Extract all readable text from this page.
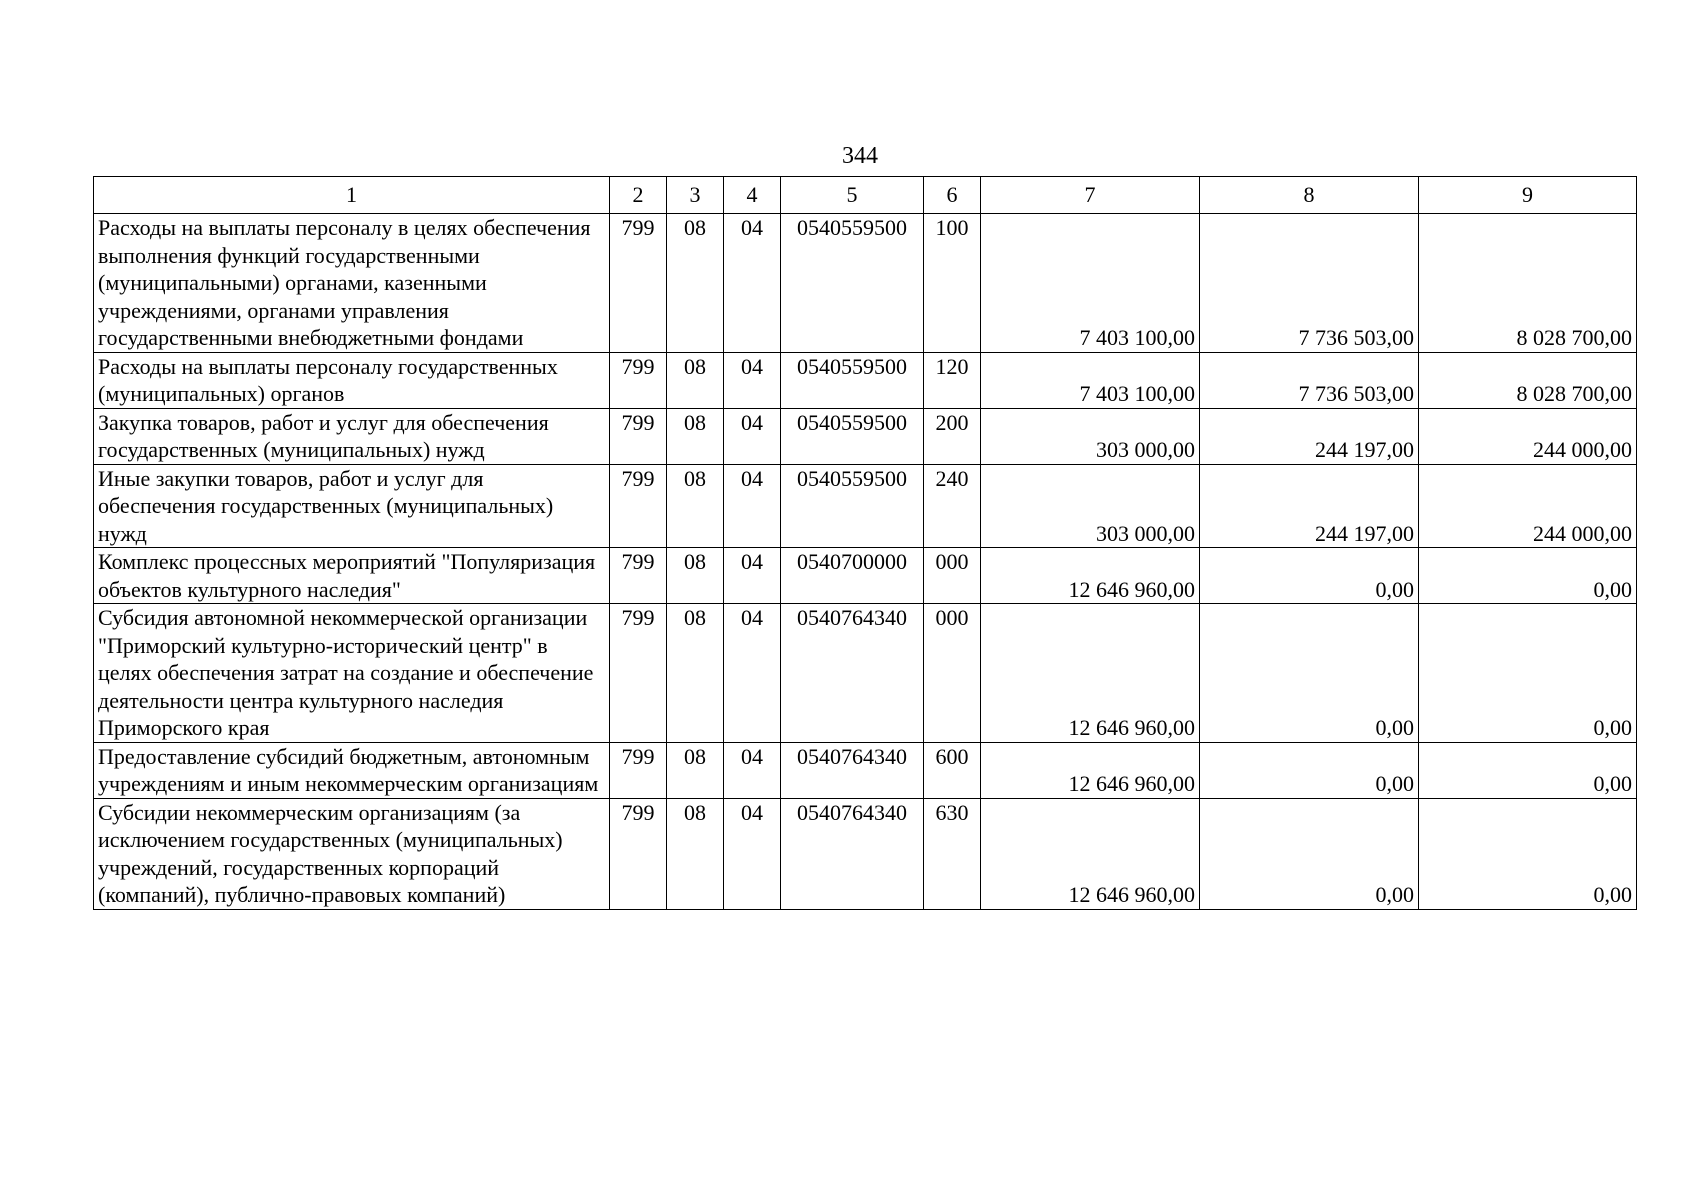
344
1	2	3	4	5	6	7	8	9
Расходы на выплаты персоналу в целях обеспечения выполнения функций государственными (муниципальными) органами, казенными учреждениями, органами управления государственными внебюджетными фондами	799	08	04	0540559500	100	7 403 100,00	7 736 503,00	8 028 700,00
Расходы на выплаты персоналу государственных (муниципальных) органов	799	08	04	0540559500	120	7 403 100,00	7 736 503,00	8 028 700,00
Закупка товаров, работ и услуг для обеспечения государственных (муниципальных) нужд	799	08	04	0540559500	200	303 000,00	244 197,00	244 000,00
Иные закупки товаров, работ и услуг для обеспечения государственных (муниципальных) нужд	799	08	04	0540559500	240	303 000,00	244 197,00	244 000,00
Комплекс процессных мероприятий "Популяризация объектов культурного наследия"	799	08	04	0540700000	000	12 646 960,00	0,00	0,00
Субсидия автономной некоммерческой организации "Приморский культурно-исторический центр" в целях обеспечения затрат на создание и обеспечение деятельности центра культурного наследия Приморского края	799	08	04	0540764340	000	12 646 960,00	0,00	0,00
Предоставление субсидий бюджетным, автономным учреждениям и иным некоммерческим организациям	799	08	04	0540764340	600	12 646 960,00	0,00	0,00
Субсидии некоммерческим организациям (за исключением государственных (муниципальных) учреждений, государственных корпораций (компаний), публично-правовых компаний)	799	08	04	0540764340	630	12 646 960,00	0,00	0,00
